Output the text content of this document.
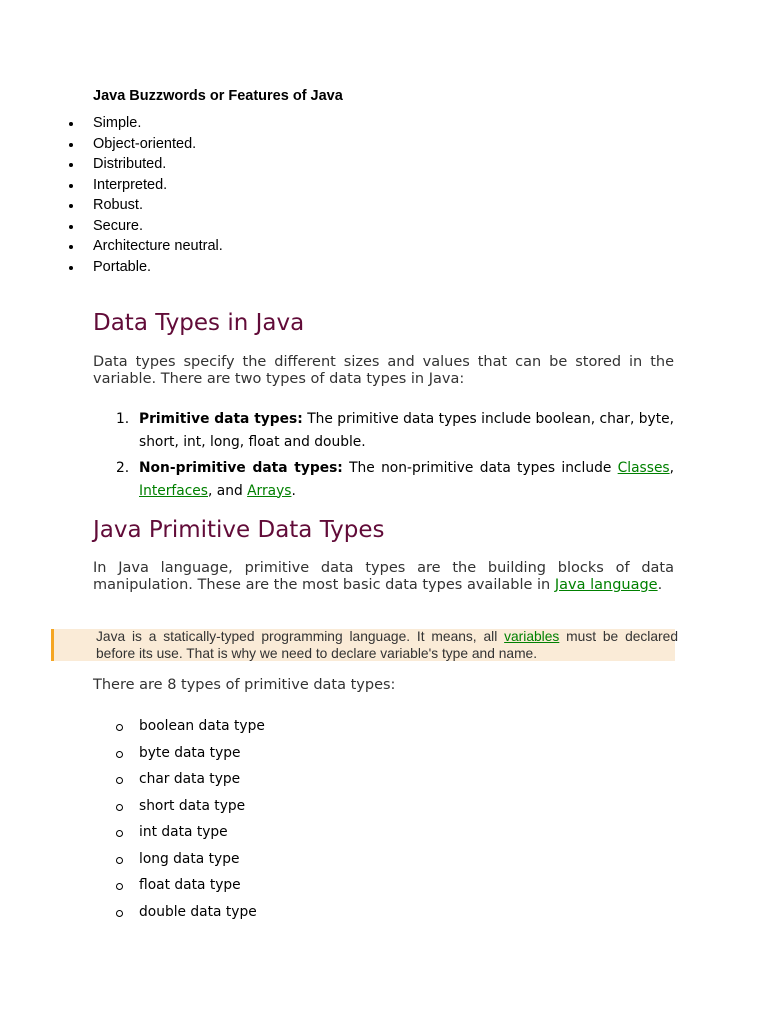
Java Buzzwords or Features of Java
Simple.
Object-oriented.
Distributed.
Interpreted.
Robust.
Secure.
Architecture neutral.
Portable.
Data Types in Java

Data types specify the different sizes and values that can be stored in the variable. There are two types of data types in Java:

1. Primitive data types: The primitive data types include boolean, char, byte, short, int, long, float and double.
2. Non-primitive data types: The non-primitive data types include Classes, Interfaces, and Arrays.
Java Primitive Data Types

In Java language, primitive data types are the building blocks of data manipulation. These are the most basic data types available in Java language.

Java is a statically-typed programming language. It means, all variables must be declared before its use. That is why we need to declare variable's type and name.

There are 8 types of primitive data types:

boolean data type
byte data type
char data type
short data type
int data type
long data type
float data type
double data type
